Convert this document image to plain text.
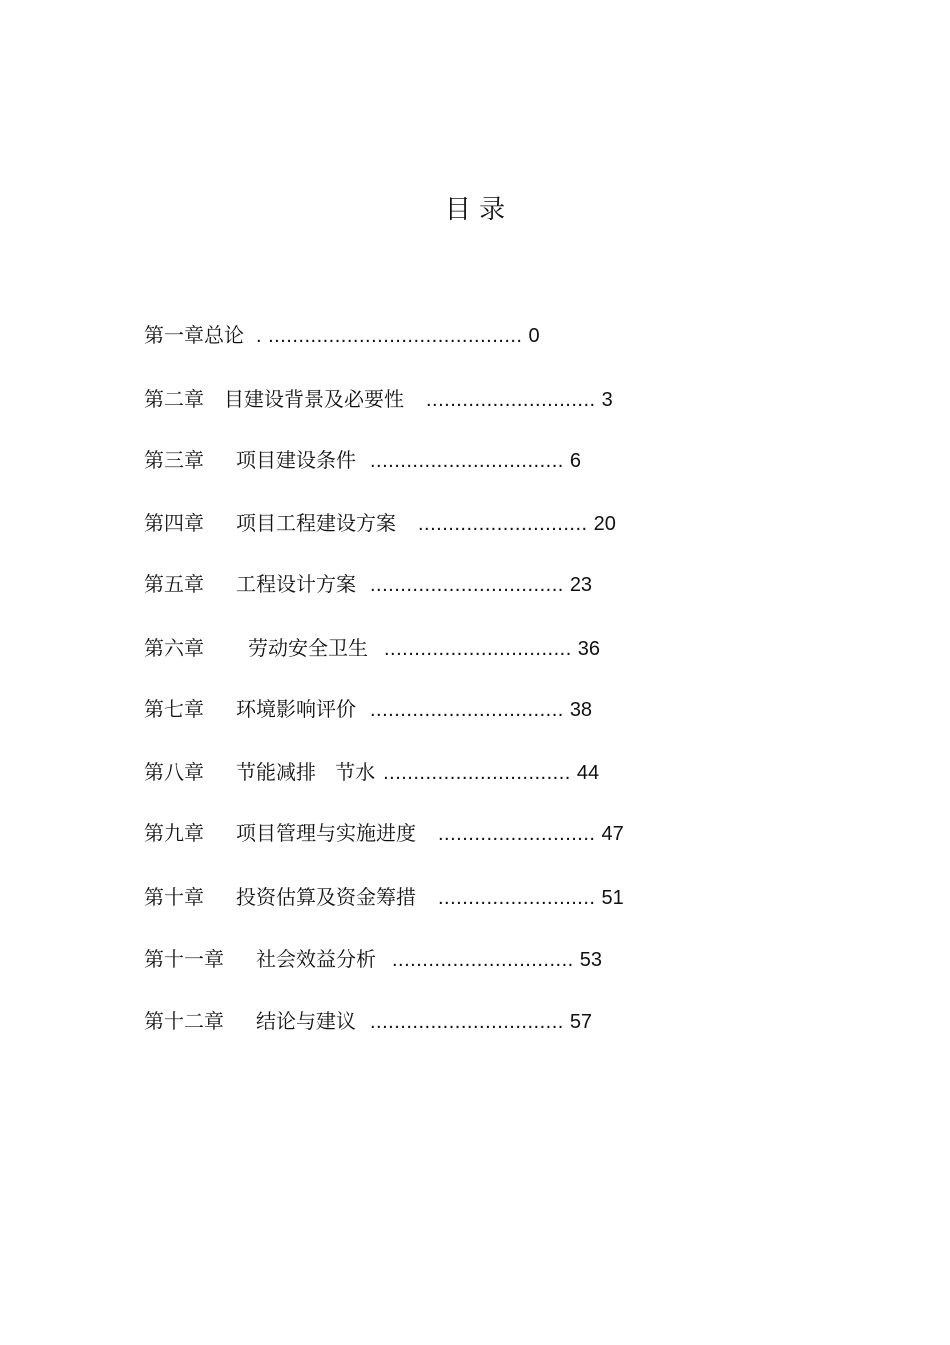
目 录
第一章总论 . .......................................... 0
第二章 目建设背景及必要性 ............................ 3
第三章 项目建设条件 ................................ 6
第四章 项目工程建设方案 ............................ 20
第五章 工程设计方案 ................................ 23
第六章 劳动安全卫生 ............................... 36
第七章 环境影响评价 ................................ 38
第八章 节能减排   节水 ............................... 44
第九章 项目管理与实施进度 .......................... 47
第十章 投资估算及资金筹措 .......................... 51
第十一章 社会效益分析 .............................. 53
第十二章 结论与建议 ................................ 57
